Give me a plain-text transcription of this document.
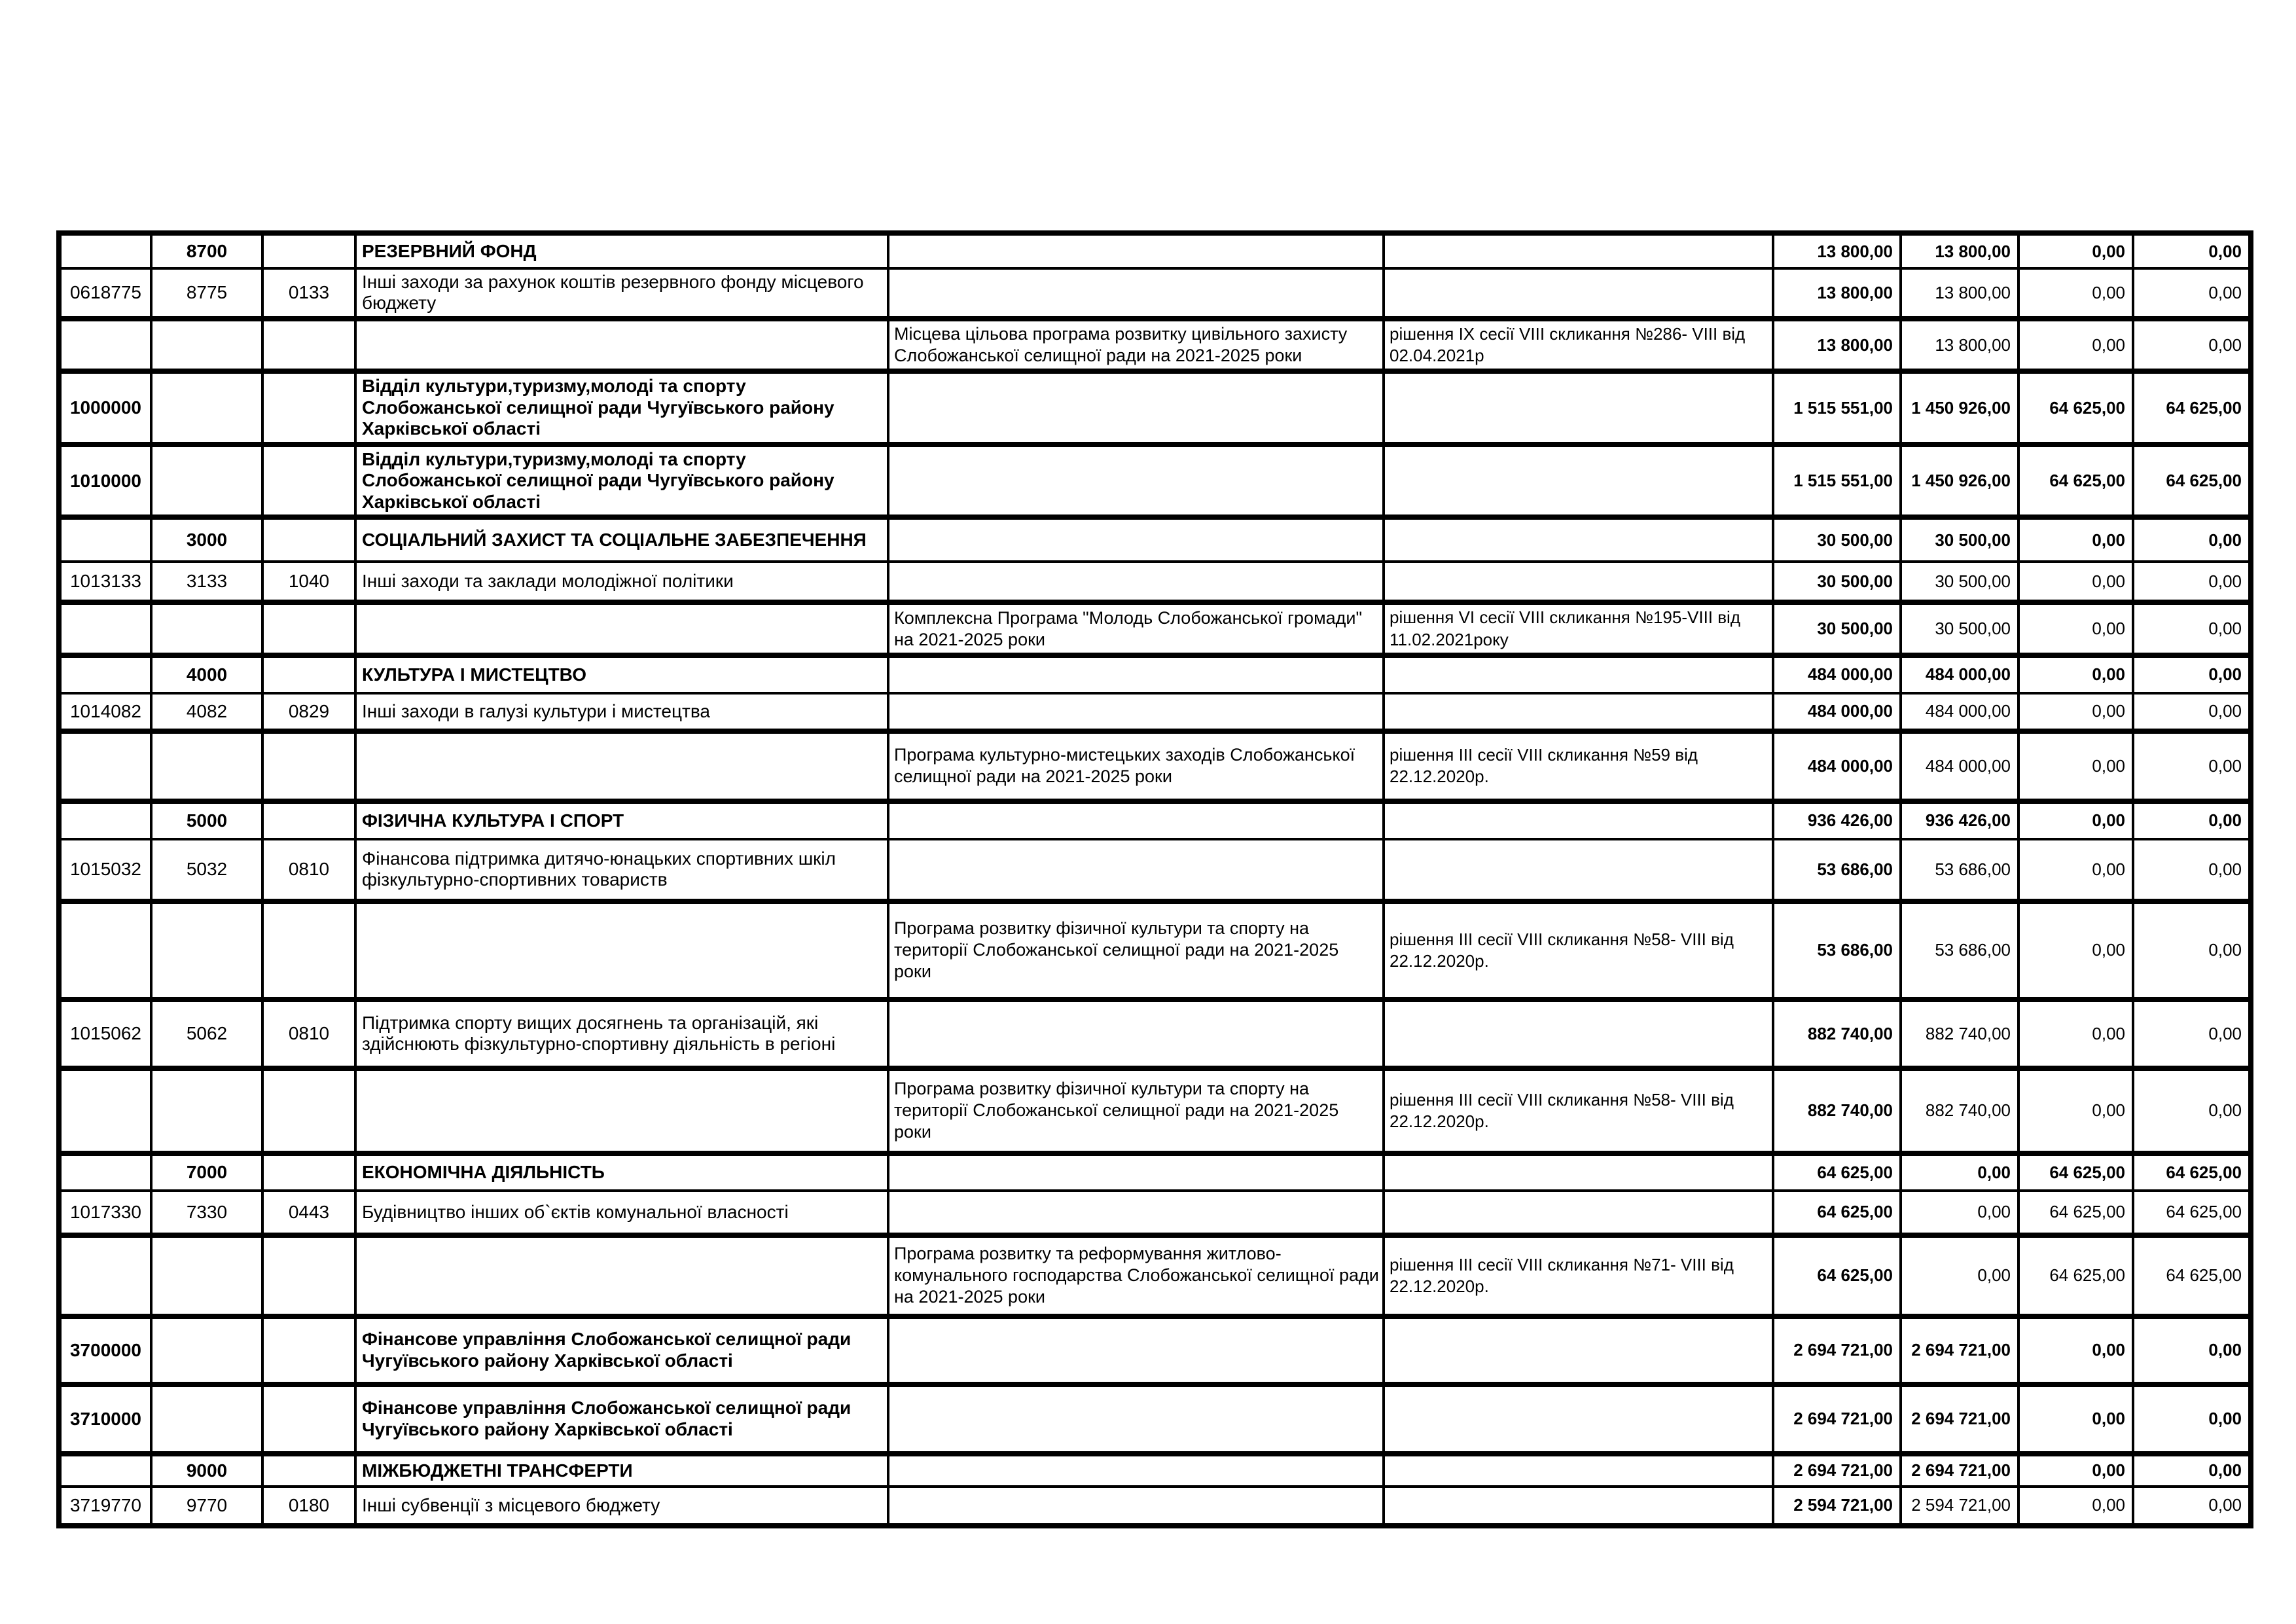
	8700		РЕЗЕРВНИЙ ФОНД			13 800,00	13 800,00	0,00	0,00
0618775	8775	0133	Інші заходи за рахунок коштів резервного фонду місцевого бюджету			13 800,00	13 800,00	0,00	0,00
				Місцева цільова програма розвитку цивільного захисту Слобожанської селищної ради на 2021-2025 роки	рішення IX сесії VIII скликання №286- VIII від 02.04.2021р	13 800,00	13 800,00	0,00	0,00
1000000			Відділ культури,туризму,молоді та спорту Слобожанської селищної ради Чугуївського району Харківської області			1 515 551,00	1 450 926,00	64 625,00	64 625,00
1010000			Відділ культури,туризму,молоді та спорту Слобожанської селищної ради Чугуївського району Харківської області			1 515 551,00	1 450 926,00	64 625,00	64 625,00
	3000		СОЦІАЛЬНИЙ ЗАХИСТ ТА СОЦІАЛЬНЕ ЗАБЕЗПЕЧЕННЯ			30 500,00	30 500,00	0,00	0,00
1013133	3133	1040	Інші заходи та заклади молодіжної політики			30 500,00	30 500,00	0,00	0,00
				Комплексна Програма "Молодь Слобожанської громади" на 2021-2025 роки	рішення VI сесії VIII скликання №195-VIII від 11.02.2021року	30 500,00	30 500,00	0,00	0,00
	4000		КУЛЬТУРА І МИСТЕЦТВО			484 000,00	484 000,00	0,00	0,00
1014082	4082	0829	Інші заходи в галузі культури і мистецтва			484 000,00	484 000,00	0,00	0,00
				Програма культурно-мистецьких заходів Слобожанської селищної ради на 2021-2025 роки	рішення III сесії VIII скликання №59 від 22.12.2020р.	484 000,00	484 000,00	0,00	0,00
	5000		ФІЗИЧНА КУЛЬТУРА І СПОРТ			936 426,00	936 426,00	0,00	0,00
1015032	5032	0810	Фінансова підтримка дитячо-юнацьких спортивних шкіл фізкультурно-спортивних товариств			53 686,00	53 686,00	0,00	0,00
				Програма розвитку фізичної культури та спорту на території Слобожанської селищної ради на 2021-2025 роки	рішення III сесії VIII скликання №58- VIII від 22.12.2020р.	53 686,00	53 686,00	0,00	0,00
1015062	5062	0810	Підтримка спорту вищих досягнень та організацій, які здійснюють фізкультурно-спортивну діяльність в регіоні			882 740,00	882 740,00	0,00	0,00
				Програма розвитку фізичної культури та спорту на території Слобожанської селищної ради на 2021-2025 роки	рішення III сесії VIII скликання №58- VIII від 22.12.2020р.	882 740,00	882 740,00	0,00	0,00
	7000		ЕКОНОМІЧНА ДІЯЛЬНІСТЬ			64 625,00	0,00	64 625,00	64 625,00
1017330	7330	0443	Будівництво інших об`єктів комунальної власності			64 625,00	0,00	64 625,00	64 625,00
				Програма розвитку та реформування житлово-комунального господарства Слобожанської селищної ради на 2021-2025 роки	рішення III сесії VIII скликання №71- VIII від 22.12.2020р.	64 625,00	0,00	64 625,00	64 625,00
3700000			Фінансове управління Слобожанської селищної ради Чугуївського району Харківської області			2 694 721,00	2 694 721,00	0,00	0,00
3710000			Фінансове управління Слобожанської селищної ради Чугуївського району Харківської області			2 694 721,00	2 694 721,00	0,00	0,00
	9000		МІЖБЮДЖЕТНІ ТРАНСФЕРТИ			2 694 721,00	2 694 721,00	0,00	0,00
3719770	9770	0180	Інші субвенції з місцевого бюджету			2 594 721,00	2 594 721,00	0,00	0,00
